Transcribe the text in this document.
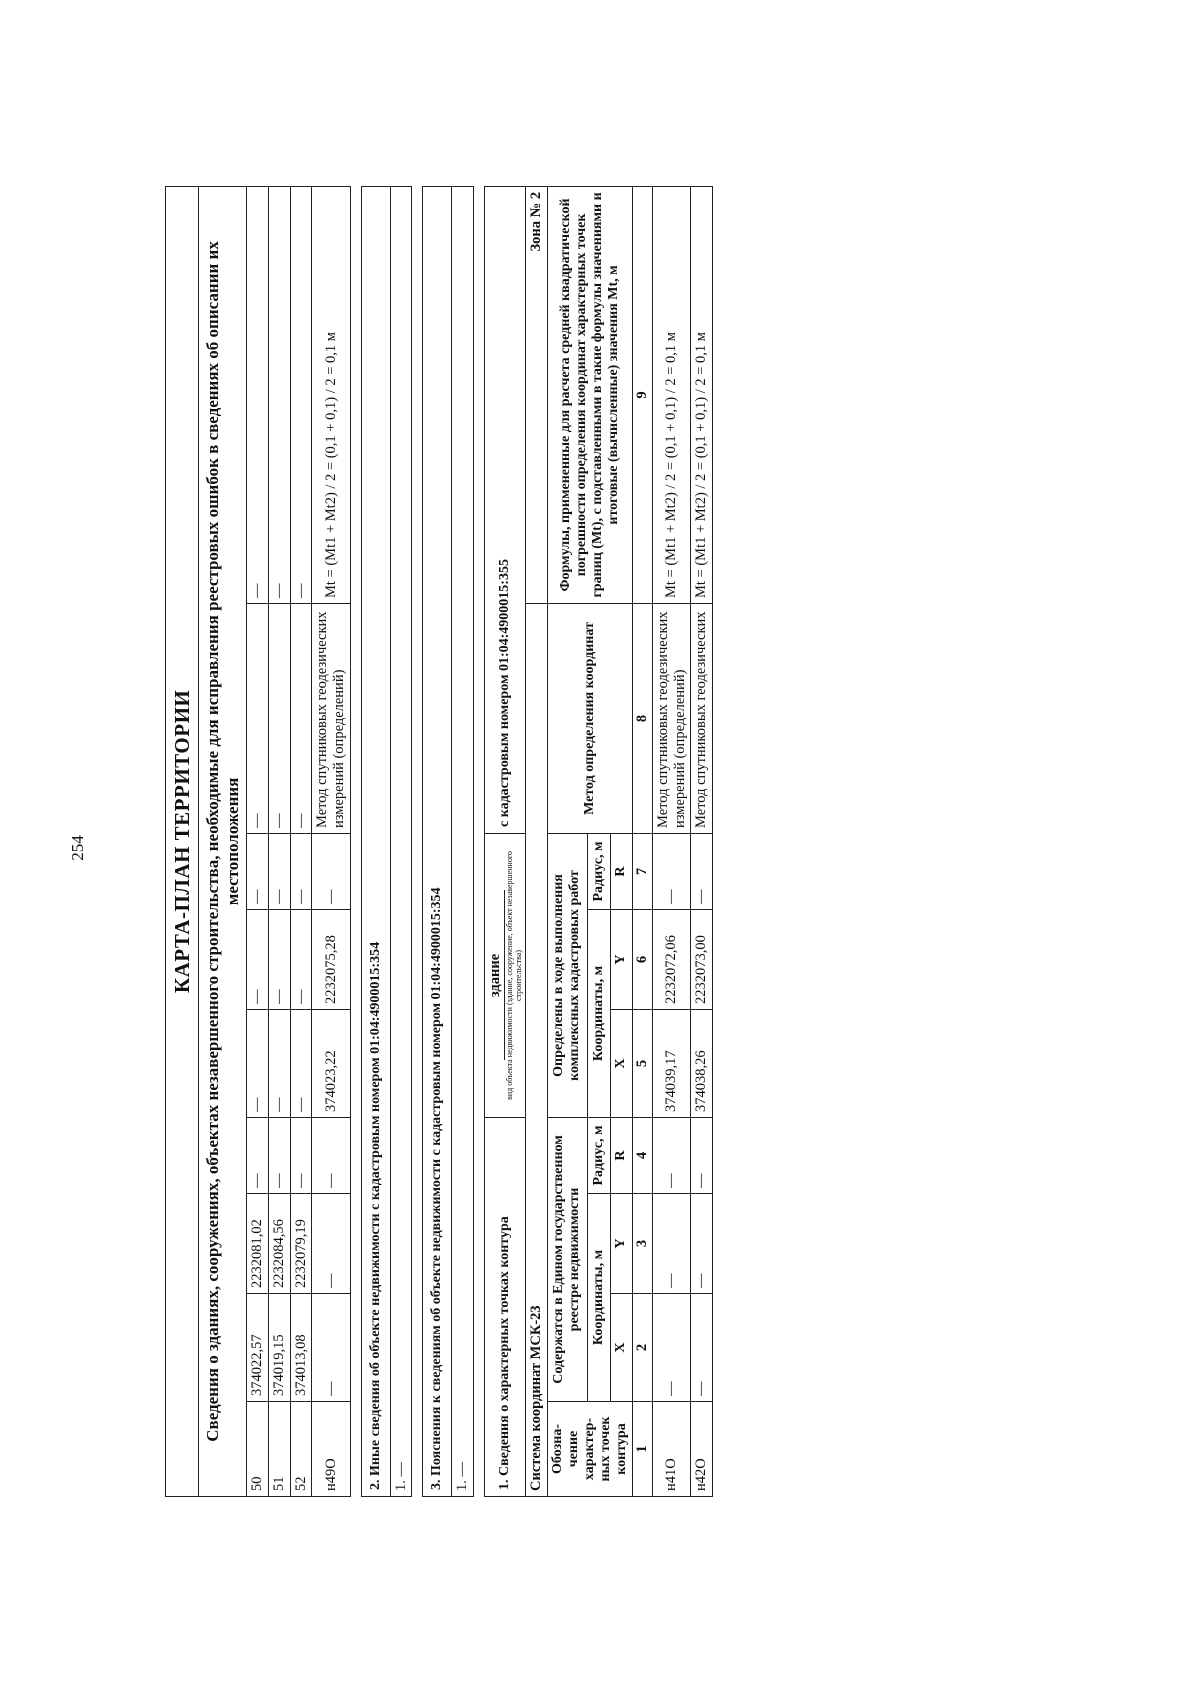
254	КАРТА-ПЛАН ТЕРРИТОРИИ								
Сведения о зданиях, сооружениях, объектах незавершенного строительства, необходимые для исправления реестровых ошибок в сведениях об описании их местоположения								
50	374022,57	2232081,02	—	—	—	—	—	—
51	374019,15	2232084,56	—	—	—	—	—	—
52	374013,08	2232079,19	—	—	—	—	—	—
н49О	—	—	—	374023,22	2232075,28	—	Метод спутниковых геодезических измерений (определений)	Mt = (Mt1 + Mt2) / 2 = (0,1 + 0,1) / 2 = 0,1 м

2. Иные сведения об объекте недвижимости с кадастровым номером 01:04:4900015:354								
1. —								

3. Пояснения к сведениям об объекте недвижимости с кадастровым номером 01:04:4900015:354								
1. —								

1. Сведения о характерных точках контура				здание вид объекта недвижимости (здание, сооружение, объект незавершенного строительства)			с кадастровым номером 01:04:4900015:355	
Система координат МСК-23								Зона № 2
Обозна-чение характер-ных точек контура	Содержатся в Едином государственном реестре недвижимости			Определены в ходе выполнения комплексных кадастровых работ			Метод определения координат	Формулы, примененные для расчета средней квадратической погрешности определения координат характерных точек границ (Mt), с подставленными в такие формулы значениями и итоговые (вычисленные) значения Mt, м
	Координаты, м		Радиус, м	Координаты, м		Радиус, м		
	X	Y	R	X	Y	R		
1	2	3	4	5	6	7	8	9
н41О	—	—	—	374039,17	2232072,06	—	Метод спутниковых геодезических измерений (определений)	Mt = (Mt1 + Mt2) / 2 = (0,1 + 0,1) / 2 = 0,1 м
н42О	—	—	—	374038,26	2232073,00	—	Метод спутниковых геодезических	Mt = (Mt1 + Mt2) / 2 = (0,1 + 0,1) / 2 = 0,1 м
